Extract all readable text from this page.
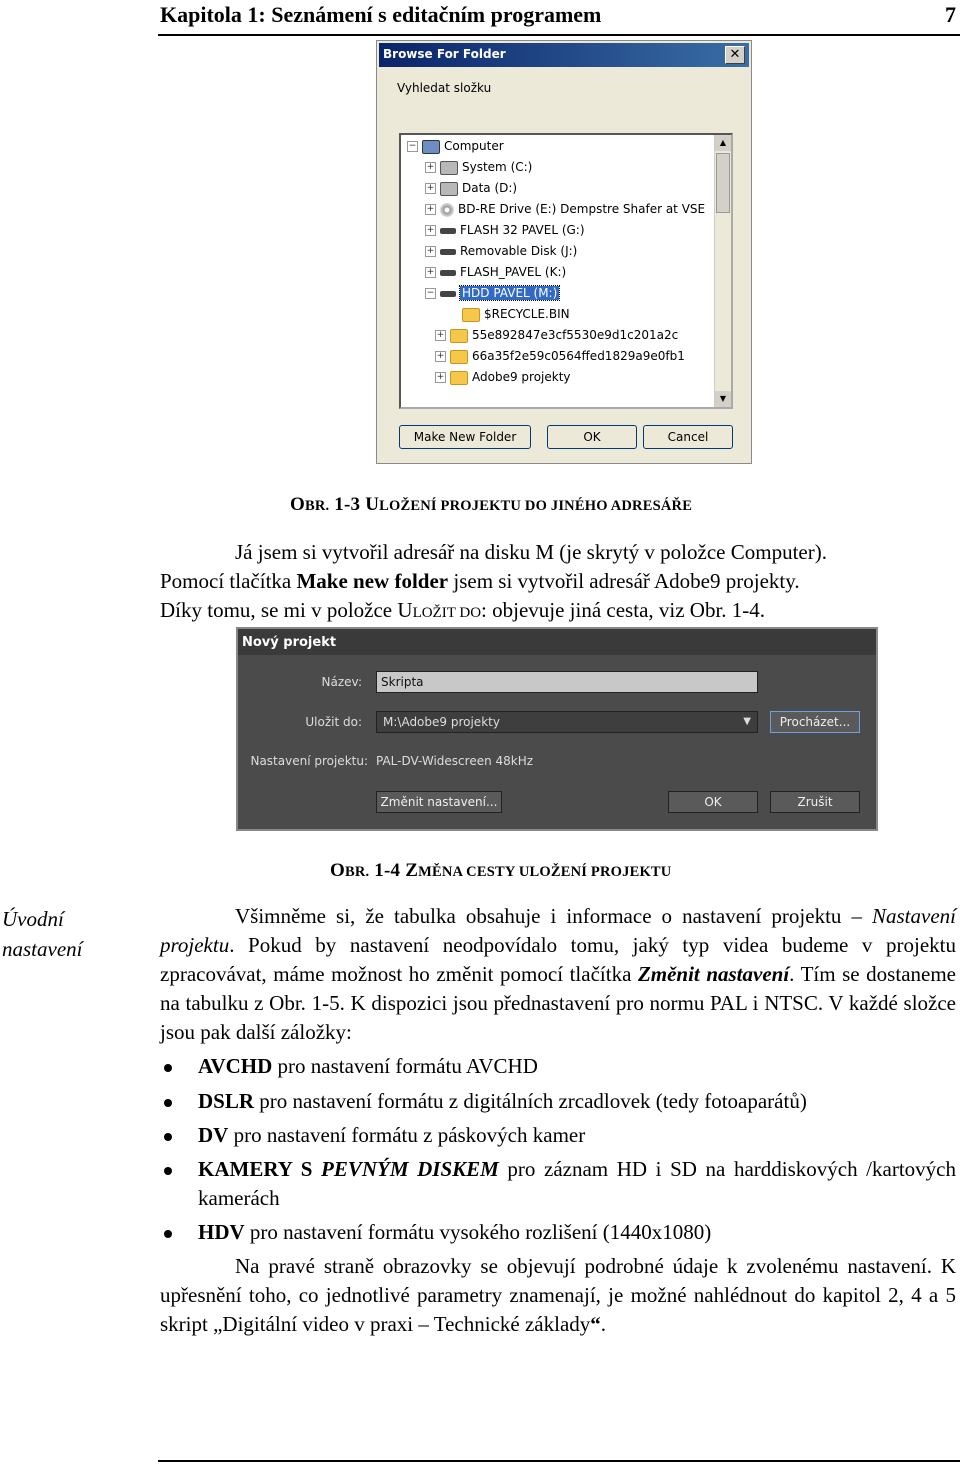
Kapitola 1: Seznámení s editačním programem	7
Browse For Folder	✕
Vyhledat složku
▲
▼
− Computer
+ System (C:)
+ Data (D:)
+ BD-RE Drive (E:) Dempstre Shafer at VSE
+ FLASH 32 PAVEL (G:)
+ Removable Disk (J:)
+ FLASH_PAVEL (K:)
− HDD PAVEL (M:)
$RECYCLE.BIN
+ 55e892847e3cf5530e9d1c201a2c
+ 66a35f2e59c0564ffed1829a9e0fb1
+ Adobe9 projekty
Make New Folder	OK	Cancel
OBR. 1-3 ULOŽENÍ PROJEKTU DO JINÉHO ADRESÁŘE
Já jsem si vytvořil adresář na disku M (je skrytý v položce Computer).
Pomocí tlačítka Make new folder jsem si vytvořil adresář Adobe9 projekty.
Díky tomu, se mi v položce ULOŽIT DO: objevuje jiná cesta, viz Obr. 1-4.
Nový projekt
Název:	Skripta
Uložit do:	M:\Adobe9 projekty	▼	Procházet...
Nastavení projektu: PAL-DV-Widescreen 48kHz
Změnit nastavení...	OK	Zrušit
OBR. 1-4 ZMĚNA CESTY ULOŽENÍ PROJEKTU
Úvodní
nastavení
Všimněme si, že tabulka obsahuje i informace o nastavení projektu – Nastavení projektu. Pokud by nastavení neodpovídalo tomu, jaký typ videa budeme v projektu zpracovávat, máme možnost ho změnit pomocí tlačítka Změnit nastavení. Tím se dostaneme na tabulku z Obr. 1-5. K dispozici jsou přednastavení pro normu PAL i NTSC. V každé složce jsou pak další záložky:
AVCHD pro nastavení formátu AVCHD
DSLR pro nastavení formátu z digitálních zrcadlovek (tedy fotoaparátů)
DV pro nastavení formátu z páskových kamer
KAMERY S PEVNÝM DISKEM pro záznam HD i SD na harddiskových /kartových kamerách
HDV pro nastavení formátu vysokého rozlišení (1440x1080)
Na pravé straně obrazovky se objevují podrobné údaje k zvolenému nastavení. K upřesnění toho, co jednotlivé parametry znamenají, je možné nahlédnout do kapitol 2, 4 a 5 skript „Digitální video v praxi – Technické základy“.
